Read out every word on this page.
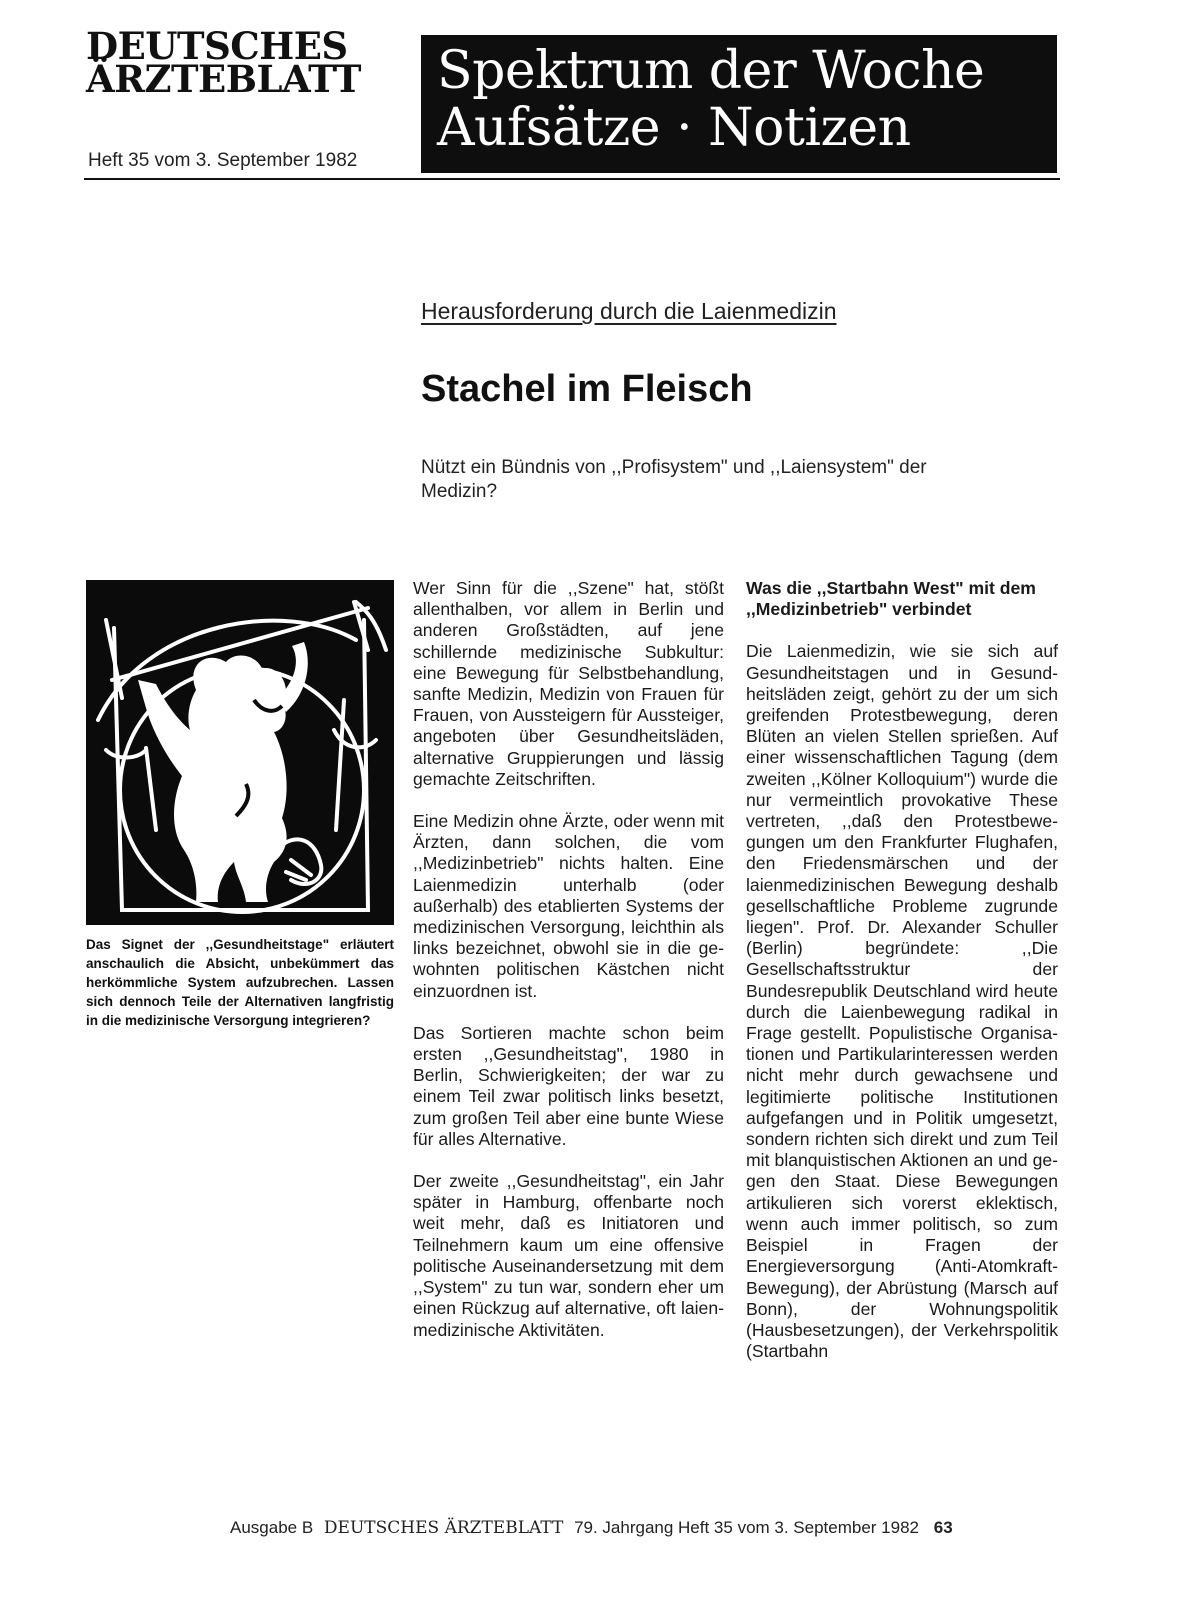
DEUTSCHES
ÄRZTEBLATT
Heft 35 vom 3. September 1982
Spektrum der Woche
Aufsätze · Notizen
Herausforderung durch die Laienmedizin
Stachel im Fleisch
Nützt ein Bündnis von ,,Profisystem" und ,,Laiensystem" der Medizin?
Das Signet der ,,Gesundheitstage" erläutert anschaulich die Absicht, unbekümmert das herkömmliche System aufzubrechen. Lassen sich dennoch Teile der Alternativen langfristig in die medizinische Versorgung integrieren?

Wer Sinn für die ,,Szene" hat, stößt allenthalben, vor allem in Berlin und anderen Großstädten, auf jene schillernde medizinische Subkultur: eine Bewegung für Selbstbehandlung, sanfte Medizin, Medizin von Frauen für Frauen, von Aussteigern für Aussteiger, angeboten über Gesundheitsläden, alternative Gruppierungen und lässig gemachte Zeitschriften.

Eine Medizin ohne Ärzte, oder wenn mit Ärzten, dann solchen, die vom ,,Medizinbetrieb" nichts halten. Eine Laienmedizin unterhalb (oder außerhalb) des etablierten Systems der medizinischen Versorgung, leichthin als links bezeichnet, obwohl sie in die gewohnten politischen Kästchen nicht einzuordnen ist.

Das Sortieren machte schon beim ersten ,,Gesundheitstag", 1980 in Berlin, Schwierigkeiten; der war zu einem Teil zwar politisch links besetzt, zum großen Teil aber eine bunte Wiese für alles Alternative.

Der zweite ,,Gesundheitstag", ein Jahr später in Hamburg, offenbarte noch weit mehr, daß es Initiatoren und Teilnehmern kaum um eine offensive politische Auseinandersetzung mit dem ,,System" zu tun war, sondern eher um einen Rückzug auf alternative, oft laienmedizinische Aktivitäten.

Was die ,,Startbahn West" mit dem ,,Medizinbetrieb" verbindet

Die Laienmedizin, wie sie sich auf Gesundheitstagen und in Gesundheitsläden zeigt, gehört zu der um sich greifenden Protestbewegung, deren Blüten an vielen Stellen sprießen. Auf einer wissenschaftlichen Tagung (dem zweiten ,,Kölner Kolloquium") wurde die nur vermeintlich provokative These vertreten, ,,daß den Protestbewegungen um den Frankfurter Flughafen, den Friedensmärschen und der laienmedizinischen Bewegung deshalb gesellschaftliche Probleme zugrunde liegen". Prof. Dr. Alexander Schuller (Berlin) begründete: ,,Die Gesellschaftsstruktur der Bundesrepublik Deutschland wird heute durch die Laienbewegung radikal in Frage gestellt. Populistische Organisationen und Partikularinteressen werden nicht mehr durch gewachsene und legitimierte politische Institutionen aufgefangen und in Politik umgesetzt, sondern richten sich direkt und zum Teil mit blanquistischen Aktionen an und gegen den Staat. Diese Bewegungen artikulieren sich vorerst eklektisch, wenn auch immer politisch, so zum Beispiel in Fragen der Energieversorgung (Anti-Atomkraft-Bewegung), der Abrüstung (Marsch auf Bonn), der Wohnungspolitik (Hausbesetzungen), der Verkehrspolitik (Startbahn

Ausgabe B DEUTSCHES ÄRZTEBLATT 79. Jahrgang Heft 35 vom 3. September 1982 63
